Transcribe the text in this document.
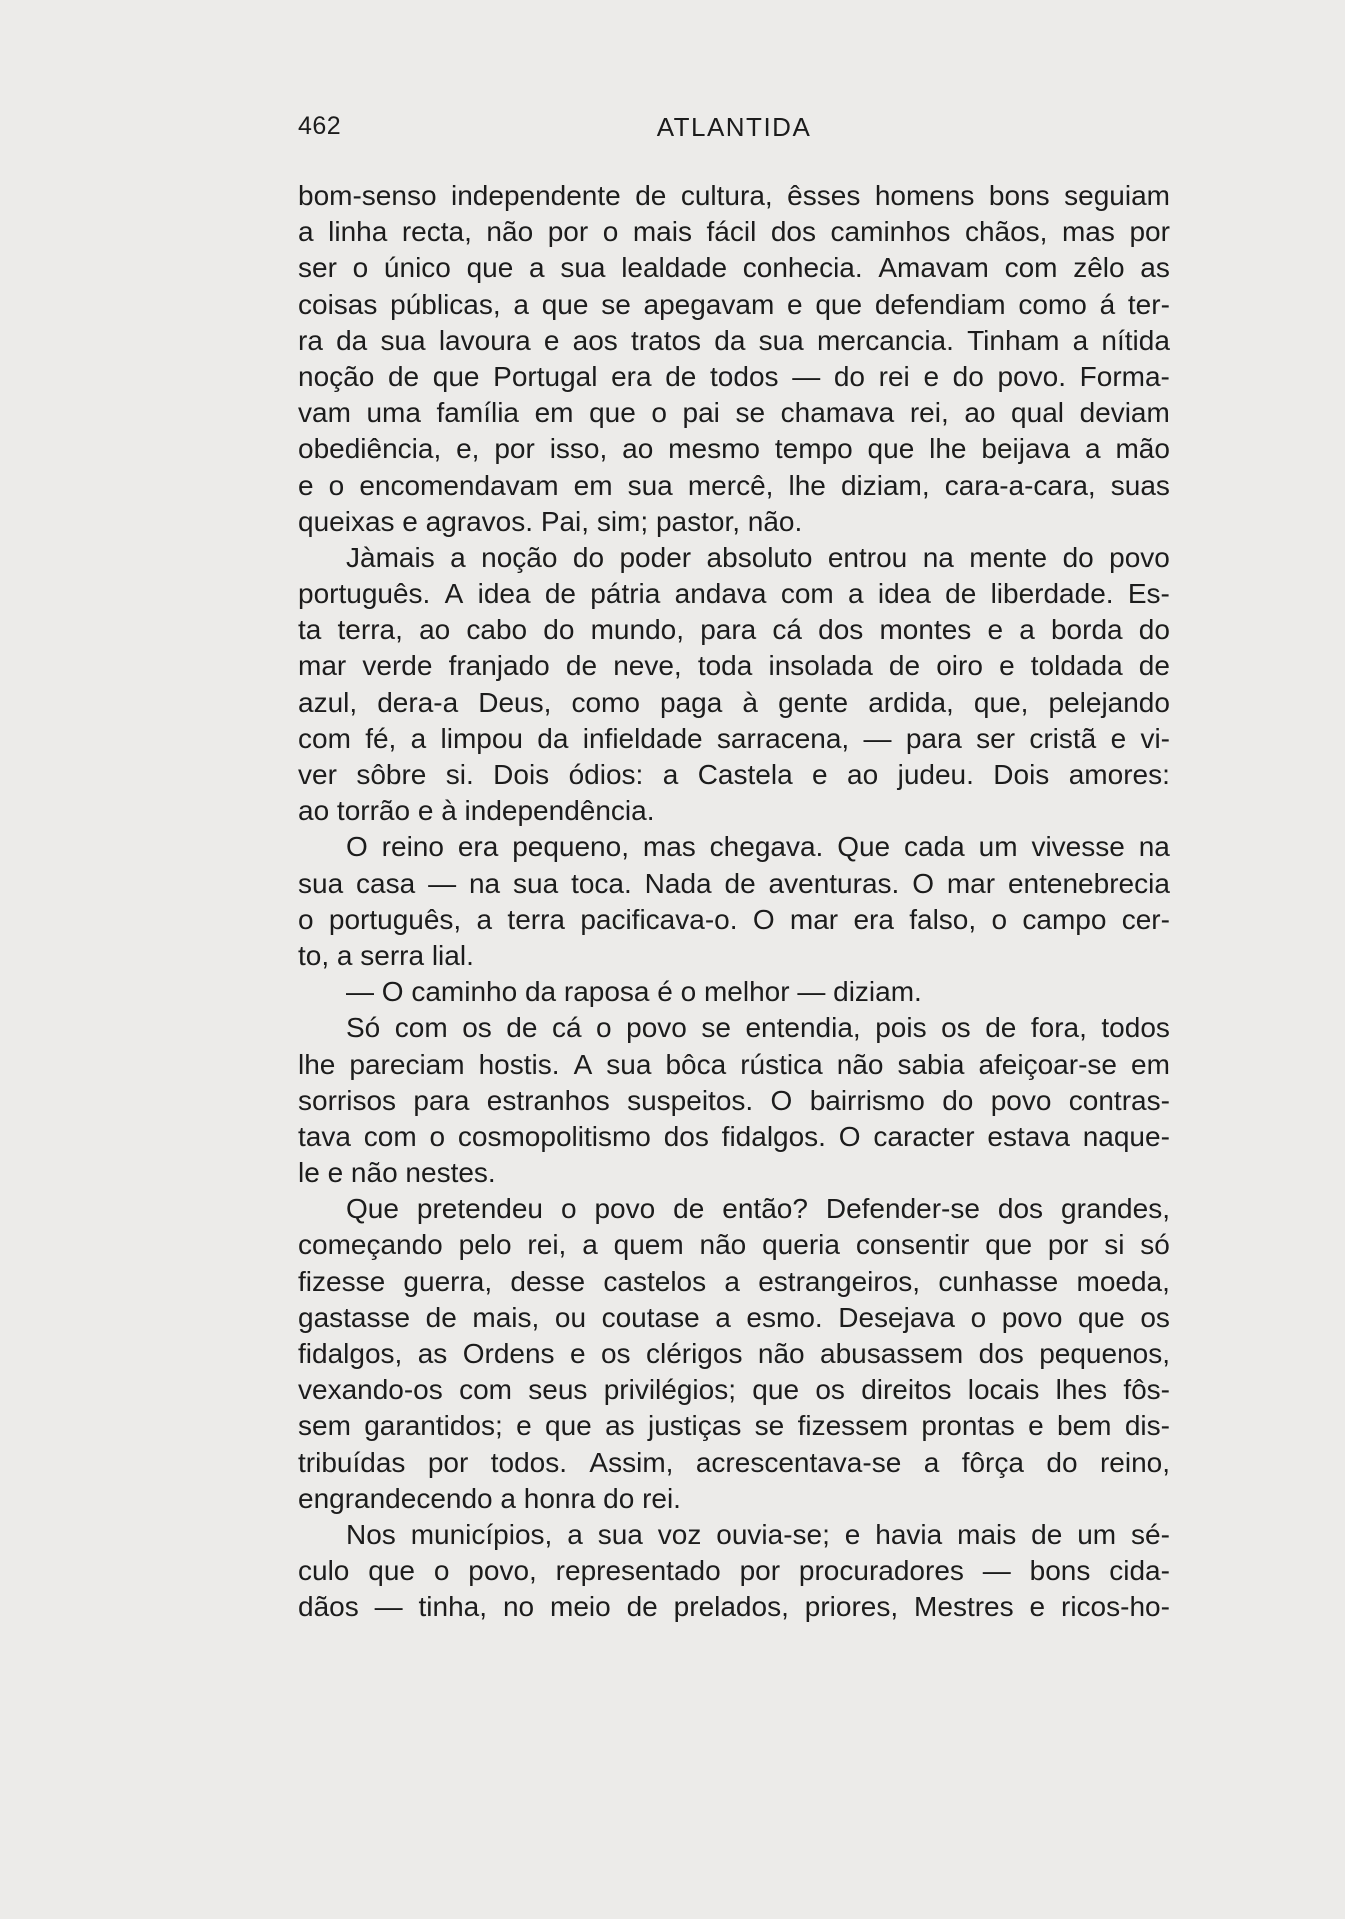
462	ATLANTIDA
bom-senso independente de cultura, êsses homens bons seguiam
a linha recta, não por o mais fácil dos caminhos chãos, mas por
ser o único que a sua lealdade conhecia. Amavam com zêlo as
coisas públicas, a que se apegavam e que defendiam como á ter-
ra da sua lavoura e aos tratos da sua mercancia. Tinham a nítida
noção de que Portugal era de todos — do rei e do povo. Forma-
vam uma família em que o pai se chamava rei, ao qual deviam
obediência, e, por isso, ao mesmo tempo que lhe beijava a mão
e o encomendavam em sua mercê, lhe diziam, cara-a-cara, suas
queixas e agravos. Pai, sim; pastor, não.
Jàmais a noção do poder absoluto entrou na mente do povo
português. A idea de pátria andava com a idea de liberdade. Es-
ta terra, ao cabo do mundo, para cá dos montes e a borda do
mar verde franjado de neve, toda insolada de oiro e toldada de
azul, dera-a Deus, como paga à gente ardida, que, pelejando
com fé, a limpou da infieldade sarracena, — para ser cristã e vi-
ver sôbre si. Dois ódios: a Castela e ao judeu. Dois amores:
ao torrão e à independência.
O reino era pequeno, mas chegava. Que cada um vivesse na
sua casa — na sua toca. Nada de aventuras. O mar entenebrecia
o português, a terra pacificava-o. O mar era falso, o campo cer-
to, a serra lial.
— O caminho da raposa é o melhor — diziam.
Só com os de cá o povo se entendia, pois os de fora, todos
lhe pareciam hostis. A sua bôca rústica não sabia afeiçoar-se em
sorrisos para estranhos suspeitos. O bairrismo do povo contras-
tava com o cosmopolitismo dos fidalgos. O caracter estava naque-
le e não nestes.
Que pretendeu o povo de então? Defender-se dos grandes,
começando pelo rei, a quem não queria consentir que por si só
fizesse guerra, desse castelos a estrangeiros, cunhasse moeda,
gastasse de mais, ou coutase a esmo. Desejava o povo que os
fidalgos, as Ordens e os clérigos não abusassem dos pequenos,
vexando-os com seus privilégios; que os direitos locais lhes fôs-
sem garantidos; e que as justiças se fizessem prontas e bem dis-
tribuídas por todos. Assim, acrescentava-se a fôrça do reino,
engrandecendo a honra do rei.
Nos municípios, a sua voz ouvia-se; e havia mais de um sé-
culo que o povo, representado por procuradores — bons cida-
dãos — tinha, no meio de prelados, priores, Mestres e ricos-ho-
